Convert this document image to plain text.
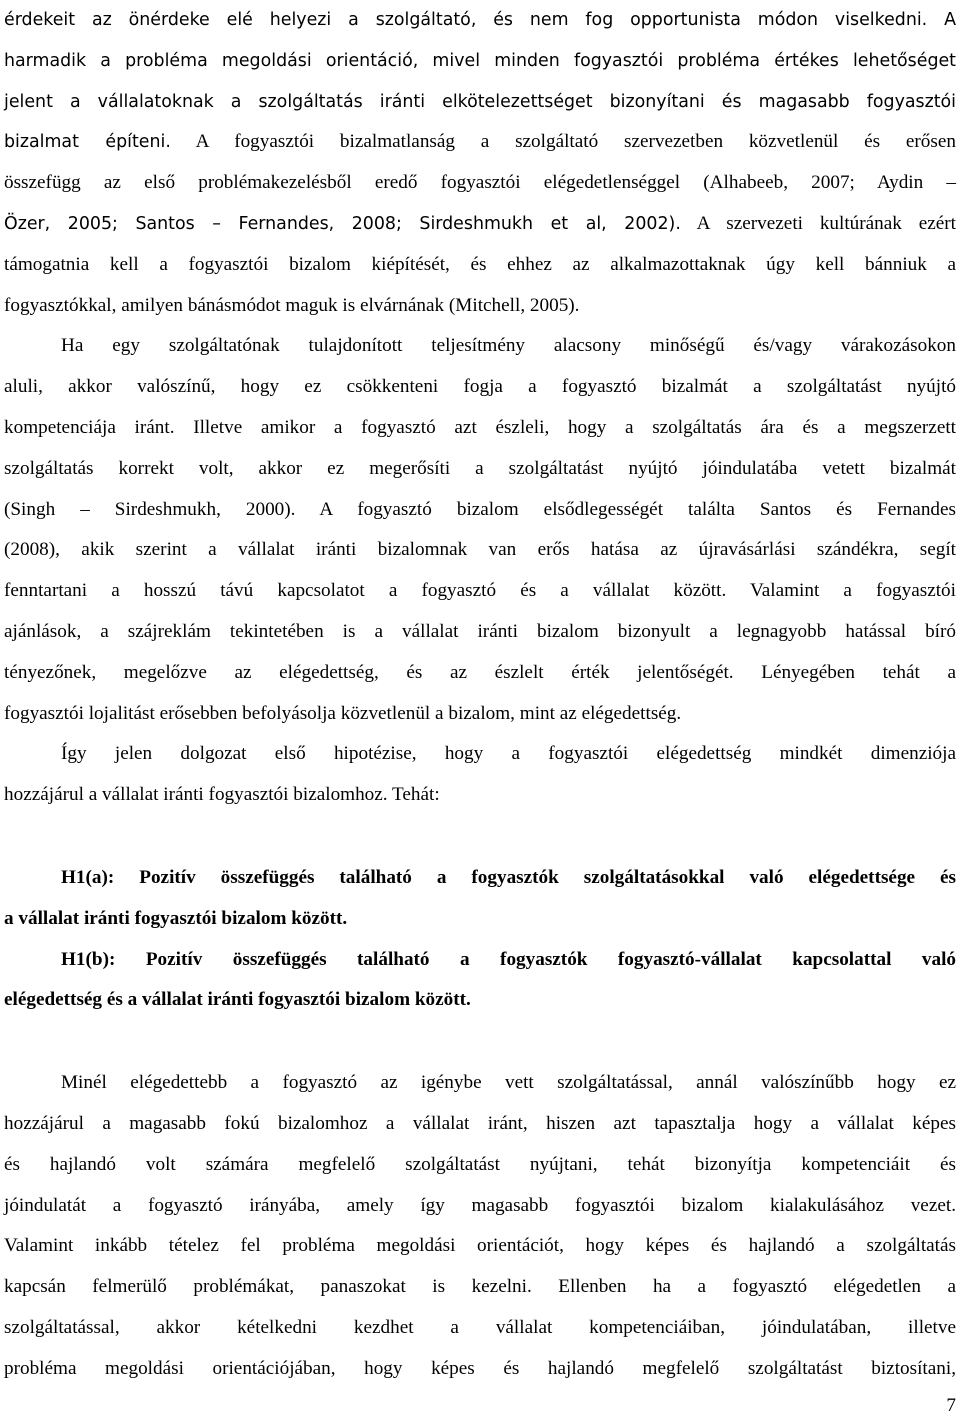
érdekeit az önérdeke elé helyezi a szolgáltató, és nem fog opportunista módon viselkedni. A
harmadik a probléma megoldási orientáció, mivel minden fogyasztói probléma értékes lehetőséget
jelent a vállalatoknak a szolgáltatás iránti elkötelezettséget bizonyítani és magasabb fogyasztói
bizalmat építeni. A fogyasztói bizalmatlanság a szolgáltató szervezetben közvetlenül és erősen
összefügg az első problémakezelésből eredő fogyasztói elégedetlenséggel (Alhabeeb, 2007; Aydin –
Özer, 2005; Santos – Fernandes, 2008; Sirdeshmukh et al, 2002). A szervezeti kultúrának ezért
támogatnia kell a fogyasztói bizalom kiépítését, és ehhez az alkalmazottaknak úgy kell bánniuk a
fogyasztókkal, amilyen bánásmódot maguk is elvárnának (Mitchell, 2005).
Ha egy szolgáltatónak tulajdonított teljesítmény alacsony minőségű és/vagy várakozásokon
aluli, akkor valószínű, hogy ez csökkenteni fogja a fogyasztó bizalmát a szolgáltatást nyújtó
kompetenciája iránt. Illetve amikor a fogyasztó azt észleli, hogy a szolgáltatás ára és a megszerzett
szolgáltatás korrekt volt, akkor ez megerősíti a szolgáltatást nyújtó jóindulatába vetett bizalmát
(Singh – Sirdeshmukh, 2000). A fogyasztó bizalom elsődlegességét találta Santos és Fernandes
(2008), akik szerint a vállalat iránti bizalomnak van erős hatása az újravásárlási szándékra, segít
fenntartani a hosszú távú kapcsolatot a fogyasztó és a vállalat között. Valamint a fogyasztói
ajánlások, a szájreklám tekintetében is a vállalat iránti bizalom bizonyult a legnagyobb hatással bíró
tényezőnek, megelőzve az elégedettség, és az észlelt érték jelentőségét. Lényegében tehát a
fogyasztói lojalitást erősebben befolyásolja közvetlenül a bizalom, mint az elégedettség.
Így jelen dolgozat első hipotézise, hogy a fogyasztói elégedettség mindkét dimenziója
hozzájárul a vállalat iránti fogyasztói bizalomhoz. Tehát:
H1(a): Pozitív összefüggés található a fogyasztók szolgáltatásokkal való elégedettsége és
a vállalat iránti fogyasztói bizalom között.
H1(b): Pozitív összefüggés található a fogyasztók fogyasztó-vállalat kapcsolattal való
elégedettség és a vállalat iránti fogyasztói bizalom között.
Minél elégedettebb a fogyasztó az igénybe vett szolgáltatással, annál valószínűbb hogy ez
hozzájárul a magasabb fokú bizalomhoz a vállalat iránt, hiszen azt tapasztalja hogy a vállalat képes
és hajlandó volt számára megfelelő szolgáltatást nyújtani, tehát bizonyítja kompetenciáit és
jóindulatát a fogyasztó irányába, amely így magasabb fogyasztói bizalom kialakulásához vezet.
Valamint inkább tételez fel probléma megoldási orientációt, hogy képes és hajlandó a szolgáltatás
kapcsán felmerülő problémákat, panaszokat is kezelni. Ellenben ha a fogyasztó elégedetlen a
szolgáltatással, akkor kételkedni kezdhet a vállalat kompetenciáiban, jóindulatában, illetve
probléma megoldási orientációjában, hogy képes és hajlandó megfelelő szolgáltatást biztosítani,
7
